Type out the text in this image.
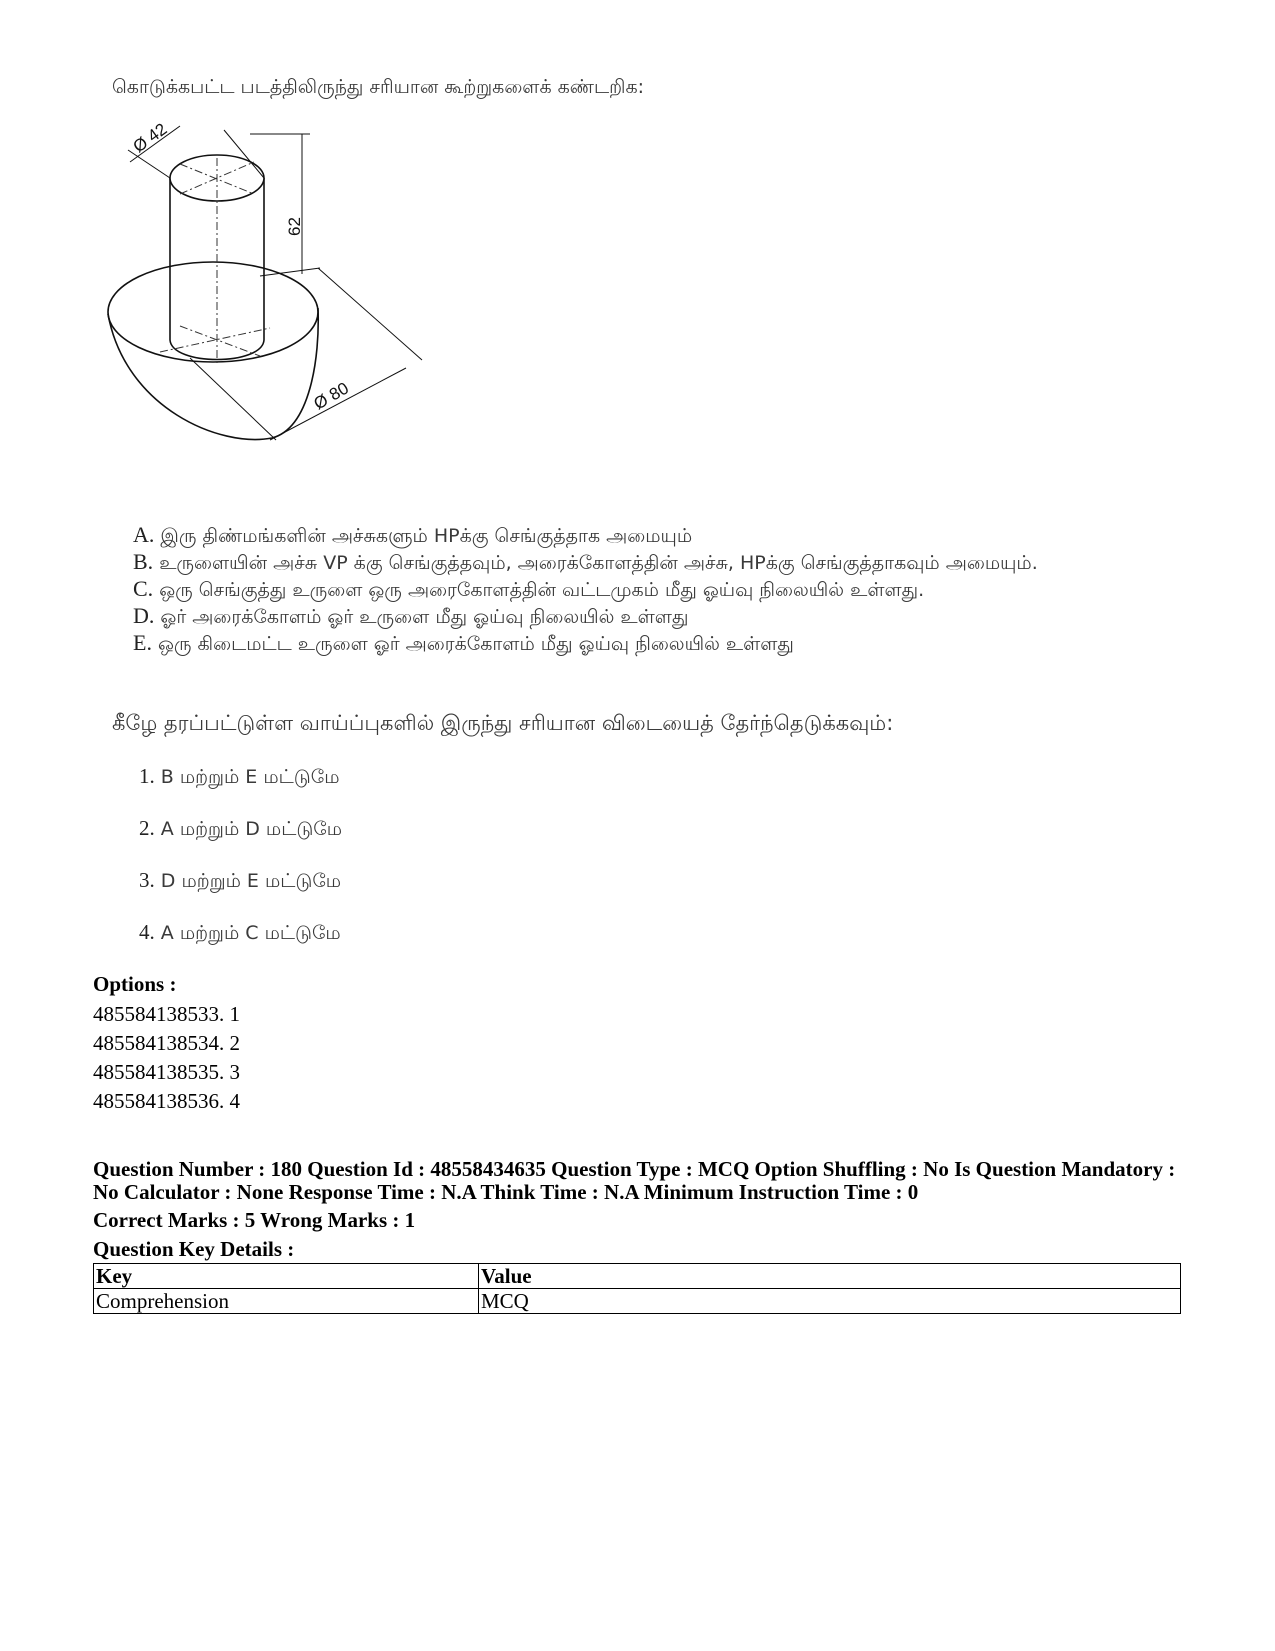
கொடுக்கபட்ட படத்திலிருந்து சரியான கூற்றுகளைக் கண்டறிக:
Ø 42
62
Ø 80
A. இரு திண்மங்களின் அச்சுகளும் HPக்கு செங்குத்தாக அமையும்
B. உருளையின் அச்சு VP க்கு செங்குத்தவும், அரைக்கோளத்தின் அச்சு, HPக்கு செங்குத்தாகவும் அமையும்.
C. ஒரு செங்குத்து உருளை ஒரு அரைகோளத்தின் வட்டமுகம் மீது ஓய்வு நிலையில் உள்ளது.
D. ஓர் அரைக்கோளம் ஓர் உருளை மீது ஓய்வு நிலையில் உள்ளது
E. ஒரு கிடைமட்ட உருளை ஓர் அரைக்கோளம் மீது ஓய்வு நிலையில் உள்ளது
கீழே தரப்பட்டுள்ள வாய்ப்புகளில் இருந்து சரியான விடையைத் தேர்ந்தெடுக்கவும்:
1. B மற்றும் E மட்டுமே
2. A மற்றும் D மட்டுமே
3. D மற்றும் E மட்டுமே
4. A மற்றும் C மட்டுமே
Options :
485584138533. 1
485584138534. 2
485584138535. 3
485584138536. 4
Question Number : 180 Question Id : 48558434635 Question Type : MCQ Option Shuffling : No Is Question Mandatory :
No Calculator : None Response Time : N.A Think Time : N.A Minimum Instruction Time : 0
Correct Marks : 5 Wrong Marks : 1
Question Key Details :
Key	Value
Comprehension	MCQ
